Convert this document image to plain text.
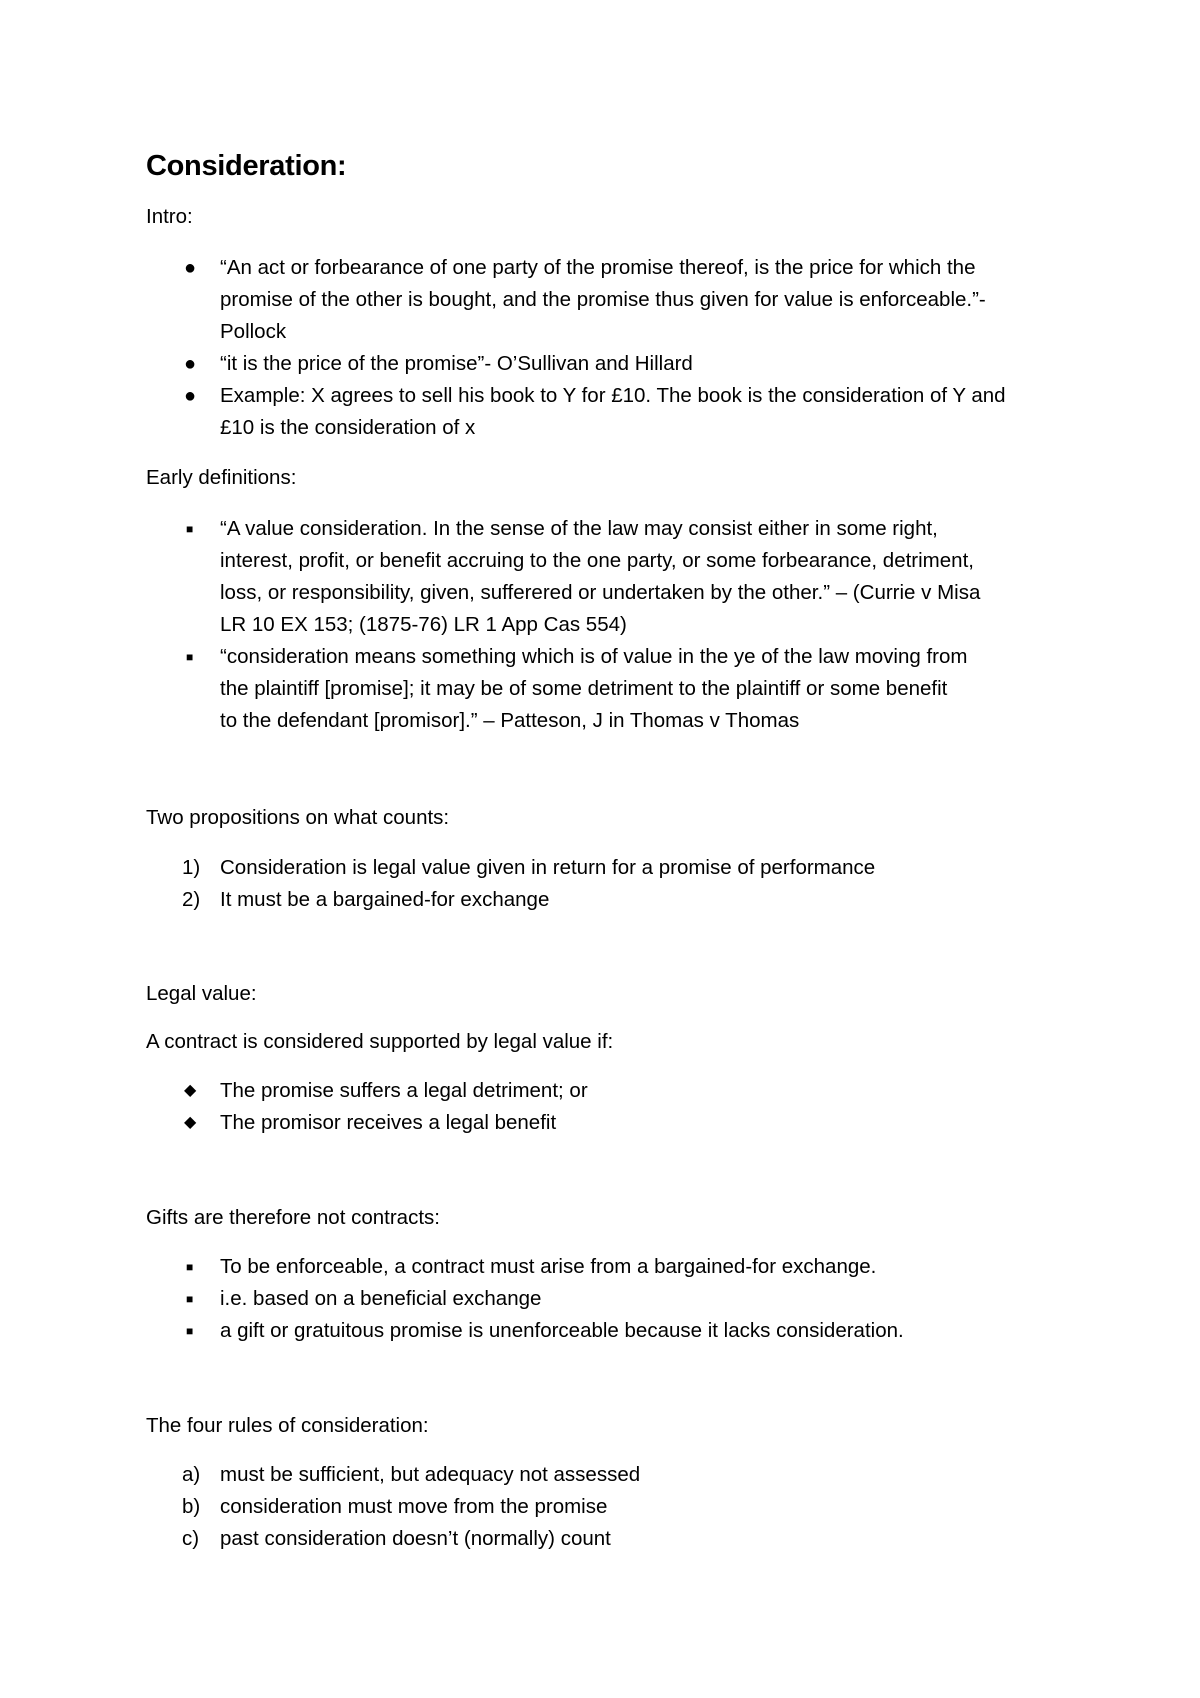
Consideration:
Intro:
●	“An act or forbearance of one party of the promise thereof, is the price for which the
promise of the other is bought, and the promise thus given for value is enforceable.”-
Pollock
●	“it is the price of the promise”- O’Sullivan and Hillard
●	Example: X agrees to sell his book to Y for £10. The book is the consideration of Y and
£10 is the consideration of x
Early definitions:
■	“A value consideration. In the sense of the law may consist either in some right,
interest, profit, or benefit accruing to the one party, or some forbearance, detriment,
loss, or responsibility, given, sufferered or undertaken by the other.” – (Currie v Misa
LR 10 EX 153; (1875-76) LR 1 App Cas 554)
■	“consideration means something which is of value in the ye of the law moving from
the plaintiff [promise]; it may be of some detriment to the plaintiff or some benefit
to the defendant [promisor].” – Patteson, J in Thomas v Thomas
Two propositions on what counts:
1) Consideration is legal value given in return for a promise of performance
2) It must be a bargained-for exchange
Legal value:
A contract is considered supported by legal value if:
◆	The promise suffers a legal detriment; or
◆	The promisor receives a legal benefit
Gifts are therefore not contracts:
■	To be enforceable, a contract must arise from a bargained-for exchange.
■	i.e. based on a beneficial exchange
■	a gift or gratuitous promise is unenforceable because it lacks consideration.
The four rules of consideration:
a) must be sufficient, but adequacy not assessed
b) consideration must move from the promise
c)	past consideration doesn’t (normally) count
